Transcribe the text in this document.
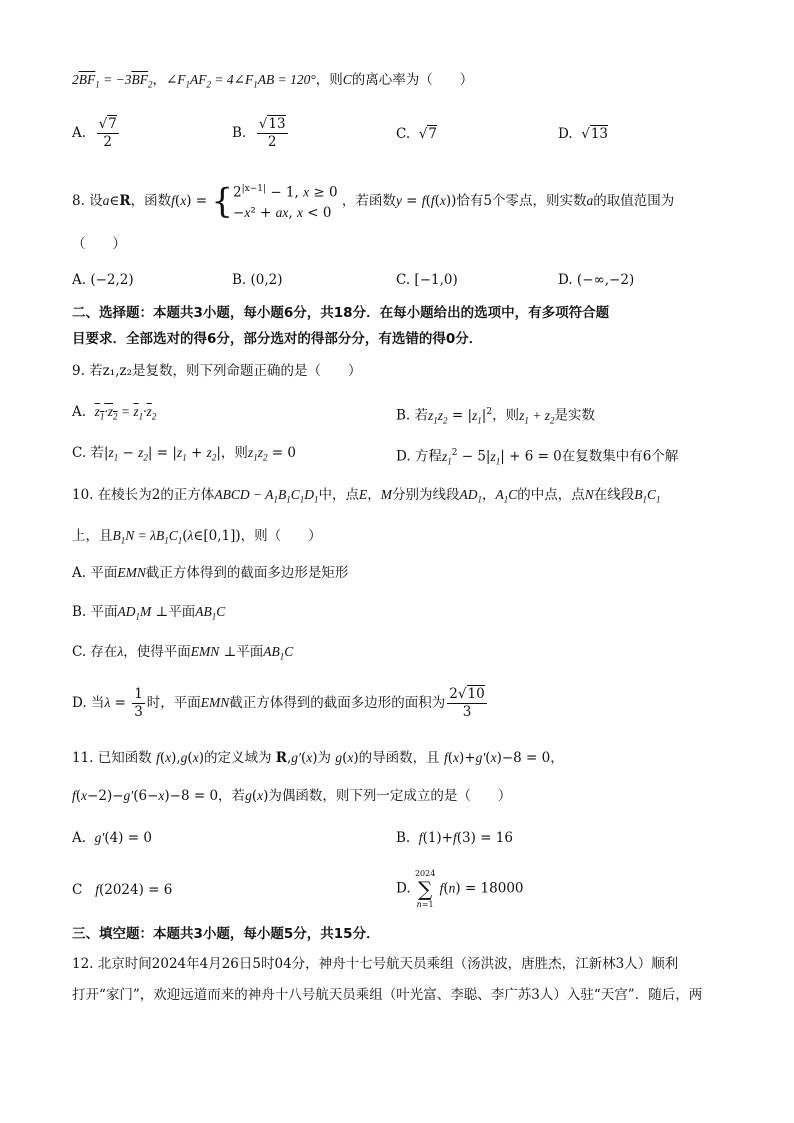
$2\overline{BF}_1 = -3\overline{BF}_2$，$\angle F_1AF_2$ = $4\angle F_1AB = 120^\circ$，则C的离心率为（　　）
A. $\frac{√7}{2}$	B. $\frac{√13}{2}$	C.  √7	D.  √13
8. 设a∈R，函数f(x) = { $2^{|x-1|} - 1$, x ≥ 0
−x² + ax, x < 0
，若函数y = f(f(x))恰有5个零点，则实数a的取值范围为
（　　）
A. (−2,2)	B. (0,2)	C. [−1,0)	D. (−∞,−2)
二、选择题：本题共3小题，每小题6分，共18分．在每小题给出的选项中，有多项符合题
目要求．全部选对的得6分，部分选对的得部分分，有选错的得0分．
9. 若z₁,z₂是复数，则下列命题正确的是（　　）
A.  $z_1\cdot z_2 = \overline{z}_1\cdot\overline{z}_2$	B. 若$z_1z_2 = |z_1|^2$，则$z_1 + z_2$是实数
C. 若$|z_1 - z_2| = |z_1 + z_2|$，则$z_1z_2 = 0$	D. 方程$z_1^2 - 5|z_1| + 6 = 0$在复数集中有6个解
10. 在棱长为2的正方体ABCD − $A_1B_1C_1D_1$中，点E，M分别为线段$AD_1$，$A_1C$的中点，点N在线段$B_1C_1$
上，且$B_1N$ = $\lambda B_1C_1(\lambda\in[0,1])$，则（　　）
A. 平面EMN截正方体得到的截面多边形是矩形
B. 平面$AD_1M$ ⊥平面$AB_1C$
C. 存在λ，使得平面EMN ⊥平面$AB_1C$
D. 当$\lambda = \frac{1}{3}$ 时，平面EMN截正方体得到的截面多边形的面积为 $\frac{2√10}{3}$
11. 已知函数 f(x),g(x)的定义域为 R,g′(x)为 g(x)的导函数，且 f(x)+g′(x)−8 = 0，
f(x−2)−g′(6−x)−8 = 0，若g(x)为偶函数，则下列一定成立的是（　　）
A.  g′(4) = 0	B.  f(1)+f(3) = 16
C   f(2024) = 6	D.
2024
∑
n=1
f(n) = 18000
三、填空题：本题共3小题，每小题5分，共15分．
12. 北京时间2024年4月26日5时04分，神舟十七号航天员乘组（汤洪波，唐胜杰，江新林3人）顺利
打开“家门”，欢迎远道而来的神舟十八号航天员乘组（叶光富、李聪、李广苏3人）入驻“天宫”．随后，两
